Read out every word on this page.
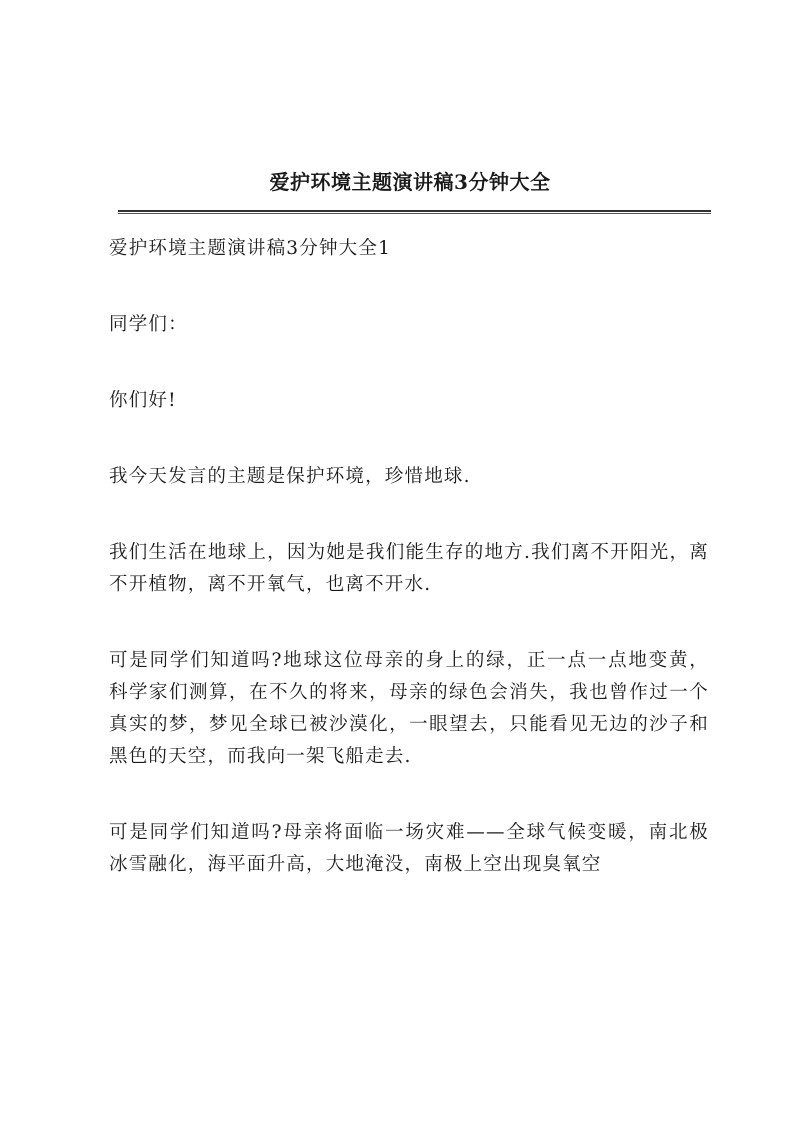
爱护环境主题演讲稿3分钟大全

爱护环境主题演讲稿3分钟大全1

同学们：

你们好!

我今天发言的主题是保护环境，珍惜地球.

我们生活在地球上，因为她是我们能生存的地方.我们离不开阳光，离不开植物，离不开氧气，也离不开水.

可是同学们知道吗?地球这位母亲的身上的绿，正一点一点地变黄，科学家们测算，在不久的将来，母亲的绿色会消失，我也曾作过一个真实的梦，梦见全球已被沙漠化，一眼望去，只能看见无边的沙子和黑色的天空，而我向一架飞船走去.

可是同学们知道吗?母亲将面临一场灾难——全球气候变暖，南北极冰雪融化，海平面升高，大地淹没，南极上空出现臭氧空
